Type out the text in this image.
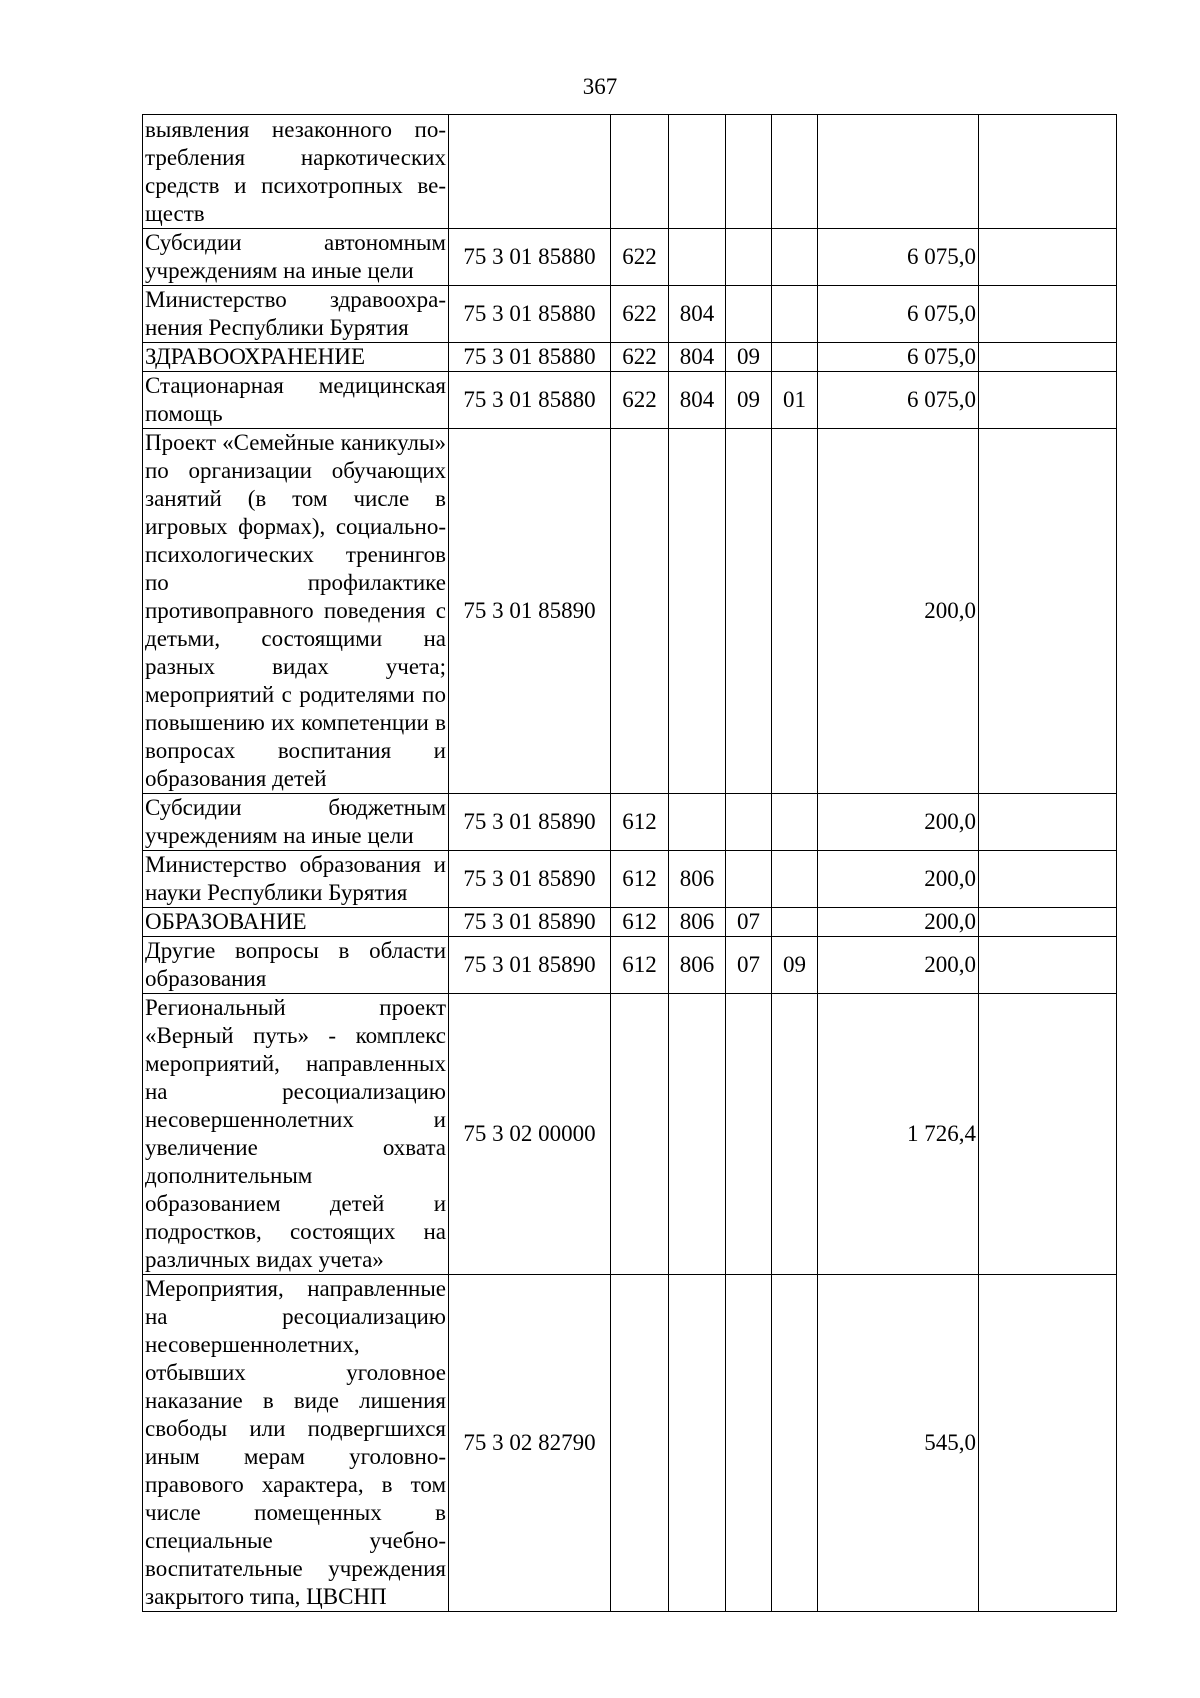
367
выявления незаконного по-требления наркотических средств и психотропных ве-ществ							
Субсидии автономным учреждениям на иные цели	75 3 01 85880	622				6 075,0	
Министерство здравоохра-нения Республики Бурятия	75 3 01 85880	622	804			6 075,0	
ЗДРАВООХРАНЕНИЕ	75 3 01 85880	622	804	09		6 075,0	
Стационарная медицинская помощь	75 3 01 85880	622	804	09	01	6 075,0	
Проект «Семейные каникулы» по организации обучающих занятий (в том числе в игровых формах), социально-психологических тренингов по профилактике противоправного поведения с детьми, состоящими на разных видах учета; мероприятий с родителями по повышению их компетенции в вопросах воспитания и образования детей	75 3 01 85890					200,0	
Субсидии бюджетным учреждениям на иные цели	75 3 01 85890	612				200,0	
Министерство образования и науки Республики Бурятия	75 3 01 85890	612	806			200,0	
ОБРАЗОВАНИЕ	75 3 01 85890	612	806	07		200,0	
Другие вопросы в области образования	75 3 01 85890	612	806	07	09	200,0	
Региональный проект «Верный путь» - комплекс мероприятий, направленных на ресоциализацию несовершеннолетних и увеличение охвата дополнительным образованием детей и подростков, состоящих на различных видах учета»	75 3 02 00000					1 726,4	
Мероприятия, направленные на ресоциализацию несовершеннолетних, отбывших уголовное наказание в виде лишения свободы или подвергшихся иным мерам уголовно-правового характера, в том числе помещенных в специальные учебно-воспитательные учреждения закрытого типа, ЦВСНП	75 3 02 82790					545,0	
